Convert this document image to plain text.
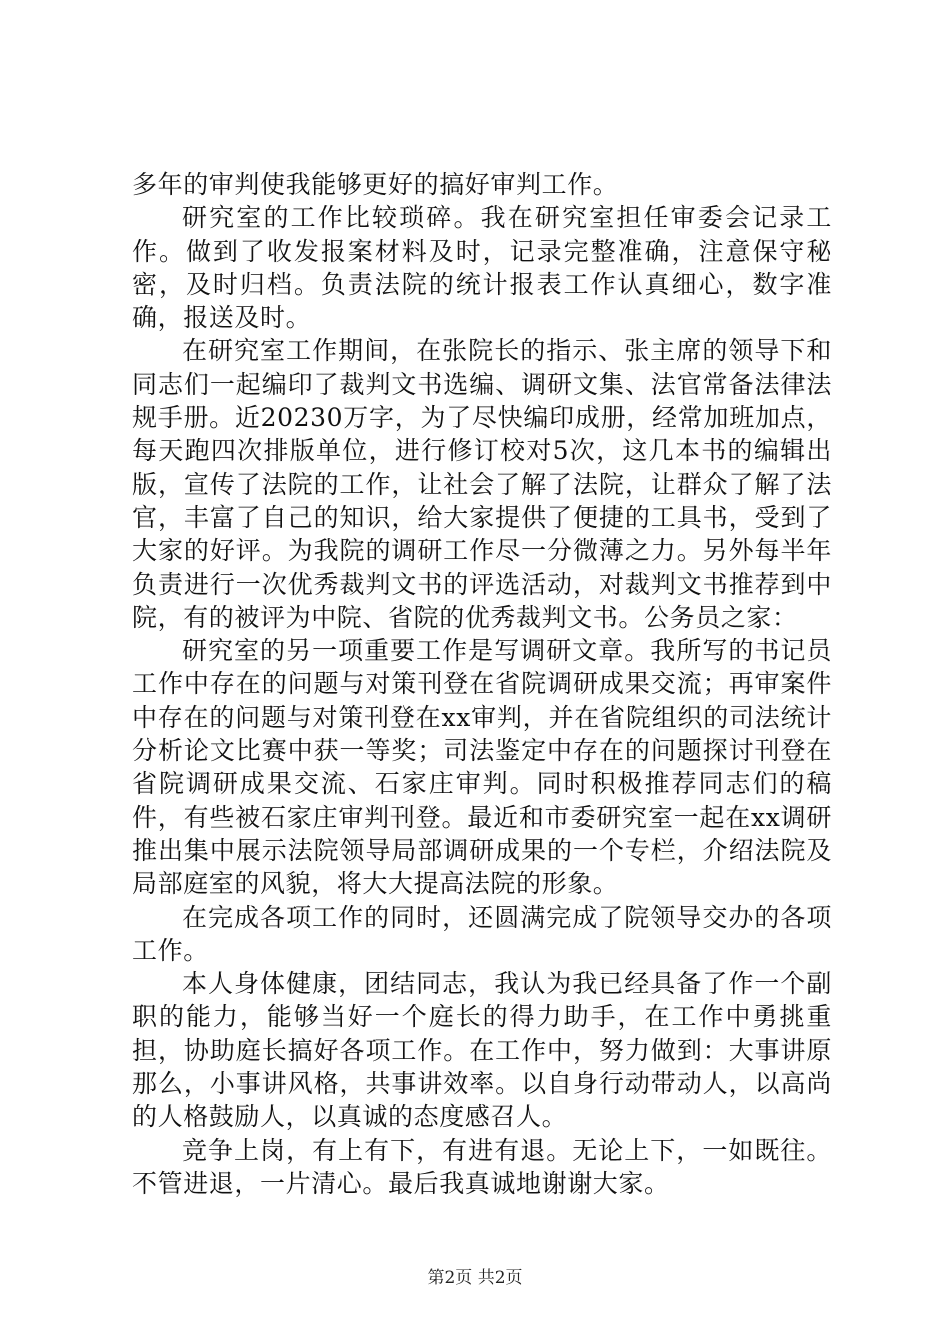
多年的审判使我能够更好的搞好审判工作。

研究室的工作比较琐碎。我在研究室担任审委会记录工作。做到了收发报案材料及时，记录完整准确，注意保守秘密，及时归档。负责法院的统计报表工作认真细心，数字准确，报送及时。

在研究室工作期间，在张院长的指示、张主席的领导下和同志们一起编印了裁判文书选编、调研文集、法官常备法律法规手册。近20230万字，为了尽快编印成册，经常加班加点，每天跑四次排版单位，进行修订校对5次，这几本书的编辑出版，宣传了法院的工作，让社会了解了法院，让群众了解了法官，丰富了自己的知识，给大家提供了便捷的工具书，受到了大家的好评。为我院的调研工作尽一分微薄之力。另外每半年负责进行一次优秀裁判文书的评选活动，对裁判文书推荐到中院，有的被评为中院、省院的优秀裁判文书。公务员之家：

研究室的另一项重要工作是写调研文章。我所写的书记员工作中存在的问题与对策刊登在省院调研成果交流；再审案件中存在的问题与对策刊登在xx审判，并在省院组织的司法统计分析论文比赛中获一等奖；司法鉴定中存在的问题探讨刊登在省院调研成果交流、石家庄审判。同时积极推荐同志们的稿件，有些被石家庄审判刊登。最近和市委研究室一起在xx调研推出集中展示法院领导局部调研成果的一个专栏，介绍法院及局部庭室的风貌，将大大提高法院的形象。

在完成各项工作的同时，还圆满完成了院领导交办的各项工作。

本人身体健康，团结同志，我认为我已经具备了作一个副职的能力，能够当好一个庭长的得力助手，在工作中勇挑重担，协助庭长搞好各项工作。在工作中，努力做到：大事讲原那么，小事讲风格，共事讲效率。以自身行动带动人，以高尚的人格鼓励人，以真诚的态度感召人。

竞争上岗，有上有下，有进有退。无论上下，一如既往。不管进退，一片清心。最后我真诚地谢谢大家。

第2页 共2页
